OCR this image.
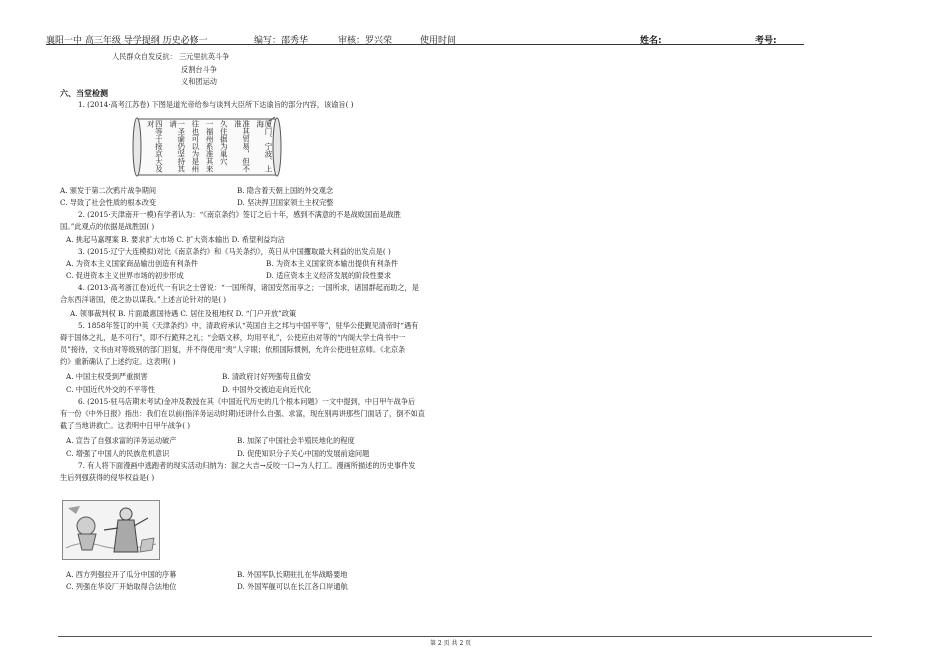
襄阳一中 高三年级 导学提纲 历史必修一	编写：邵秀华	审核：罗兴荣	使用时间	姓名:	考号:
人民群众自发反抗： 三元里抗英斗争
反割台斗争
义和团运动
六、当堂检测
1. (2014·高考江苏卷) 下图是道光帝给参与谈判大臣所下达谕旨的部分内容，该谕旨( )
厦门、宁波、上海
准其贸易，但不准
久住据为巢穴
一福州系准其来
往也可以为是州
一圣谕仍坚持其请
四等于接京大及对
A. 颁发于第二次鸦片战争期间	B. 隐含着天朝上国的外交观念
C. 导致了社会性质的根本改变	D. 坚决捍卫国家领土主权完整
2. (2015·天津南开一模)有学者认为：“《南京条约》签订之后十年，感到不满意的不是战败国而是战胜
国。”此观点的依据是战胜国( )
A. 挑起马嘉理案 B. 要求扩大市场 C. 扩大资本输出 D. 希望利益均沾
3. (2015·辽宁大连模拟)对比《南京条约》和《马关条约》，英日从中国攫取最大利益的出发点是( )
A. 为资本主义国家商品输出创造有利条件	B. 为资本主义国家资本输出提供有利条件
C. 促进资本主义世界市场的初步形成	D. 适应资本主义经济发展的阶段性要求
4. (2013·高考浙江卷)近代一有识之士曾说：“一国所得，诸国安然而享之；一国所求，诸国群起而助之，是
合东西洋诸国，使之协以谋我。”上述言论针对的是( )
A. 领事裁判权 B. 片面最惠国待遇 C. 居住及租地权 D. “门户开放”政策
5. 1858年签订的中英《天津条约》中，清政府承认“英国自主之邦与中国平等”，驻华公使觐见清帝时“遇有
碍于国体之礼，是不可行”，即不行跪拜之礼；“会晤文移，均用平礼”，公使应由对等的“内阁大学士尚书中一
员”接待，文书由对等级别的部门回复，并不得使用“夷”人字眼；依照国际惯例，允许公使进驻京师。《北京条
约》重新确认了上述约定。这表明( )
A. 中国主权受到严重损害	B. 清政府讨好列强苟且偷安
C. 中国近代外交的不平等性	D. 中国外交被迫走向近代化
6. (2015·驻马店期末考试)金冲及教授在其《中国近代历史的几个根本问题》一文中提到，中日甲午战争后
有一份《中外日报》指出：我们在以前(指洋务运动时期)还讲什么自强、求富，现在别再讲那些门面话了，倒不如直
截了当地讲救亡。这表明中日甲午战争( )
A. 宣告了自强求富的洋务运动破产	B. 加深了中国社会半殖民地化的程度
C. 增强了中国人的民族危机意识	D. 促使知识分子关心中国的发展前途问题
7. 有人将下面漫画中逃跑者的现实活动归纳为：溜之大吉→反咬一口→为人打工。漫画所描述的历史事件发
生后列强获得的侵华权益是( )
A. 西方列强拉开了瓜分中国的序幕	B. 外国军队长期驻扎在华战略要地
C. 列强在华设厂开始取得合法地位	D. 外国军舰可以在长江各口岸通航
第 2 页 共 2 页
